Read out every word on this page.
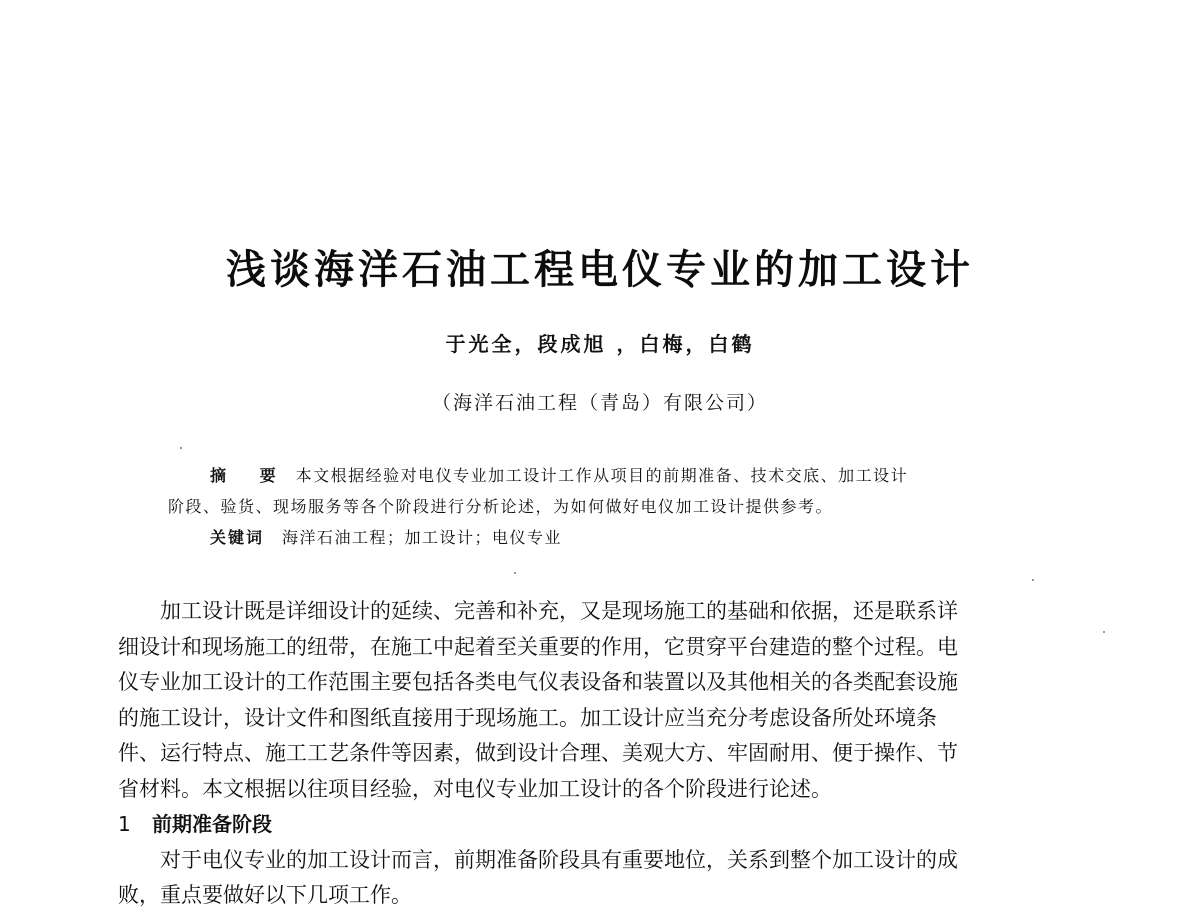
浅谈海洋石油工程电仪专业的加工设计
于光全，段成旭 ，白梅，白鹤
（海洋石油工程（青岛）有限公司）
摘 要 本文根据经验对电仪专业加工设计工作从项目的前期准备、技术交底、加工设计
阶段、验货、现场服务等各个阶段进行分析论述，为如何做好电仪加工设计提供参考。
关键词 海洋石油工程；加工设计；电仪专业
加工设计既是详细设计的延续、完善和补充，又是现场施工的基础和依据，还是联系详
细设计和现场施工的纽带，在施工中起着至关重要的作用，它贯穿平台建造的整个过程。电
仪专业加工设计的工作范围主要包括各类电气仪表设备和装置以及其他相关的各类配套设施
的施工设计，设计文件和图纸直接用于现场施工。加工设计应当充分考虑设备所处环境条
件、运行特点、施工工艺条件等因素，做到设计合理、美观大方、牢固耐用、便于操作、节
省材料。本文根据以往项目经验，对电仪专业加工设计的各个阶段进行论述。
1 前期准备阶段
对于电仪专业的加工设计而言，前期准备阶段具有重要地位，关系到整个加工设计的成
败，重点要做好以下几项工作。
